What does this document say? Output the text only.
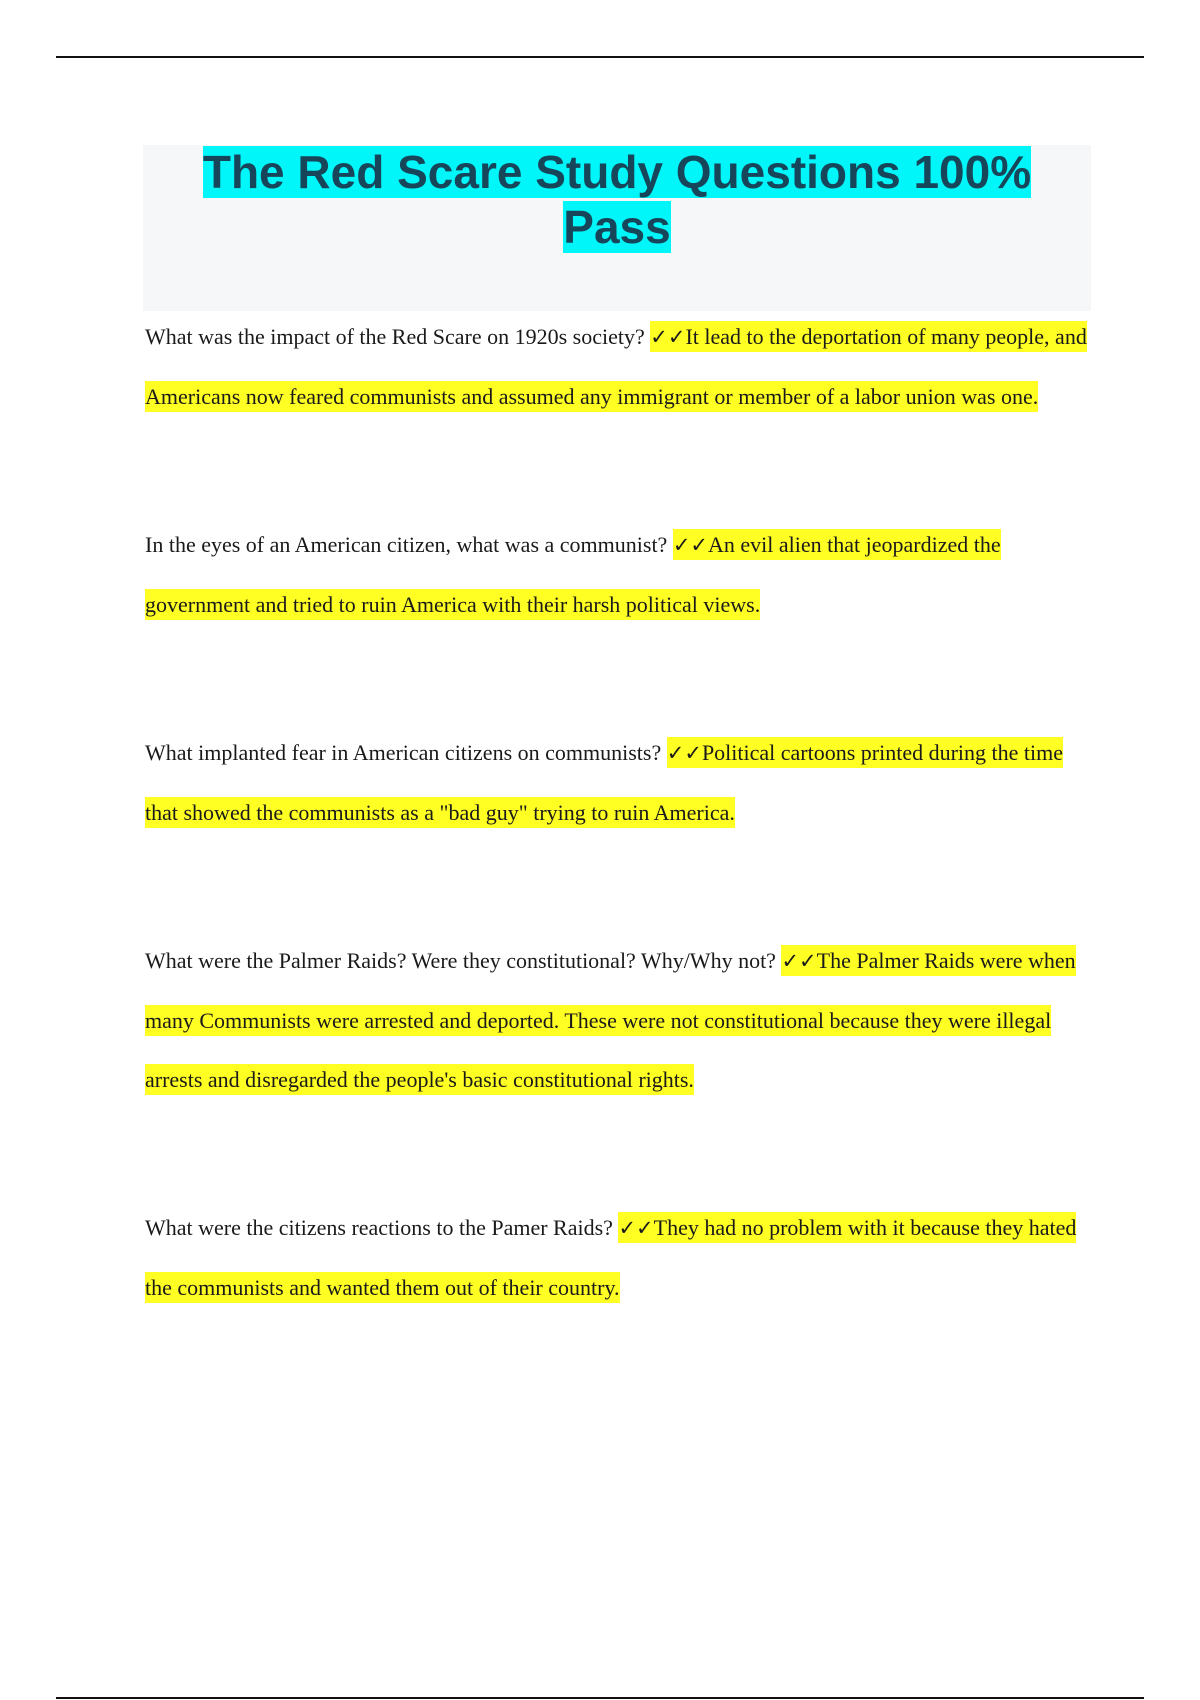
The Red Scare Study Questions 100% Pass

What was the impact of the Red Scare on 1920s society? ✓✓It lead to the deportation of many people, and Americans now feared communists and assumed any immigrant or member of a labor union was one.

In the eyes of an American citizen, what was a communist? ✓✓An evil alien that jeopardized the government and tried to ruin America with their harsh political views.

What implanted fear in American citizens on communists? ✓✓Political cartoons printed during the time that showed the communists as a "bad guy" trying to ruin America.

What were the Palmer Raids? Were they constitutional? Why/Why not? ✓✓The Palmer Raids were when many Communists were arrested and deported. These were not constitutional because they were illegal arrests and disregarded the people's basic constitutional rights.

What were the citizens reactions to the Pamer Raids? ✓✓They had no problem with it because they hated the communists and wanted them out of their country.
